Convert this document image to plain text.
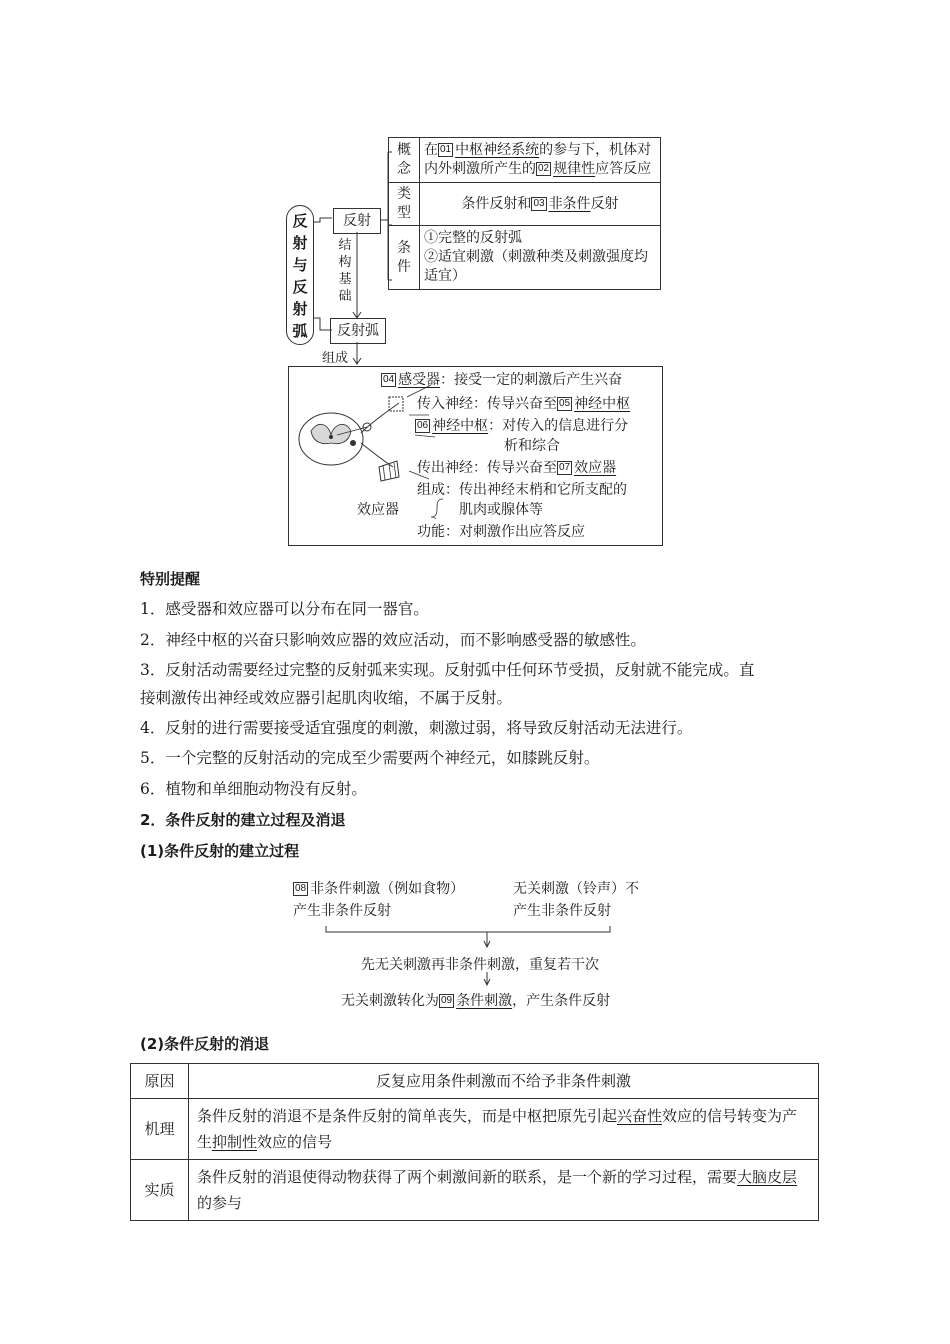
反
射
与
反
射
弧
反射
结
构
基
础
反射弧
组成
概念	在 01 中枢神经系统的参与下，机体对内外刺激所产生的 02 规律性应答反应
类型	条件反射和 03 非条件反射
条件	①完整的反射弧
②适宜刺激（刺激种类及刺激强度均适宜）
04 感受器：接受一定的刺激后产生兴奋
传入神经：传导兴奋至 05 神经中枢
06 神经中枢：对传入的信息进行分
析和综合
传出神经：传导兴奋至 07 效应器
效应器
组成：传出神经末梢和它所支配的
肌肉或腺体等
功能：对刺激作出应答反应
特别提醒
1．感受器和效应器可以分布在同一器官。
2．神经中枢的兴奋只影响效应器的效应活动，而不影响感受器的敏感性。
3．反射活动需要经过完整的反射弧来实现。反射弧中任何环节受损，反射就不能完成。直
接刺激传出神经或效应器引起肌肉收缩，不属于反射。
4．反射的进行需要接受适宜强度的刺激，刺激过弱，将导致反射活动无法进行。
5．一个完整的反射活动的完成至少需要两个神经元，如膝跳反射。
6．植物和单细胞动物没有反射。
2．条件反射的建立过程及消退
(1)条件反射的建立过程
08 非条件刺激（例如食物）
产生非条件反射
无关刺激（铃声）不
产生非条件反射
先无关刺激再非条件刺激，重复若干次
无关刺激转化为 09 条件刺激，产生条件反射
(2)条件反射的消退
原因	反复应用条件刺激而不给予非条件刺激
机理	条件反射的消退不是条件反射的简单丧失，而是中枢把原先引起兴奋性效应的信号转变为产生抑制性效应的信号
实质	条件反射的消退使得动物获得了两个刺激间新的联系，是一个新的学习过程，需要大脑皮层的参与
